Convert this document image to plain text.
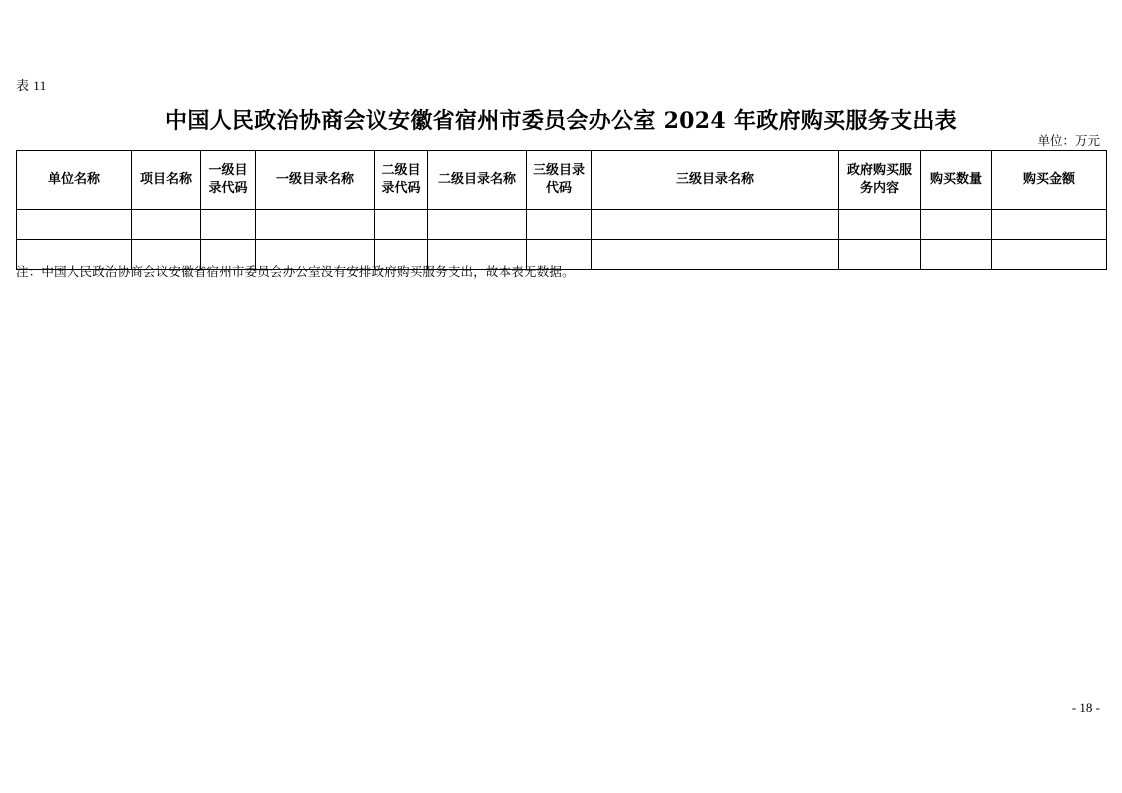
表 11
中国人民政治协商会议安徽省宿州市委员会办公室 2024 年政府购买服务支出表
单位：万元
单位名称	项目名称	一级目录代码	一级目录名称	二级目录代码	二级目录名称	三级目录代码	三级目录名称	政府购买服务内容	购买数量	购买金额

注：中国人民政治协商会议安徽省宿州市委员会办公室没有安排政府购买服务支出，故本表无数据。
- 18 -
